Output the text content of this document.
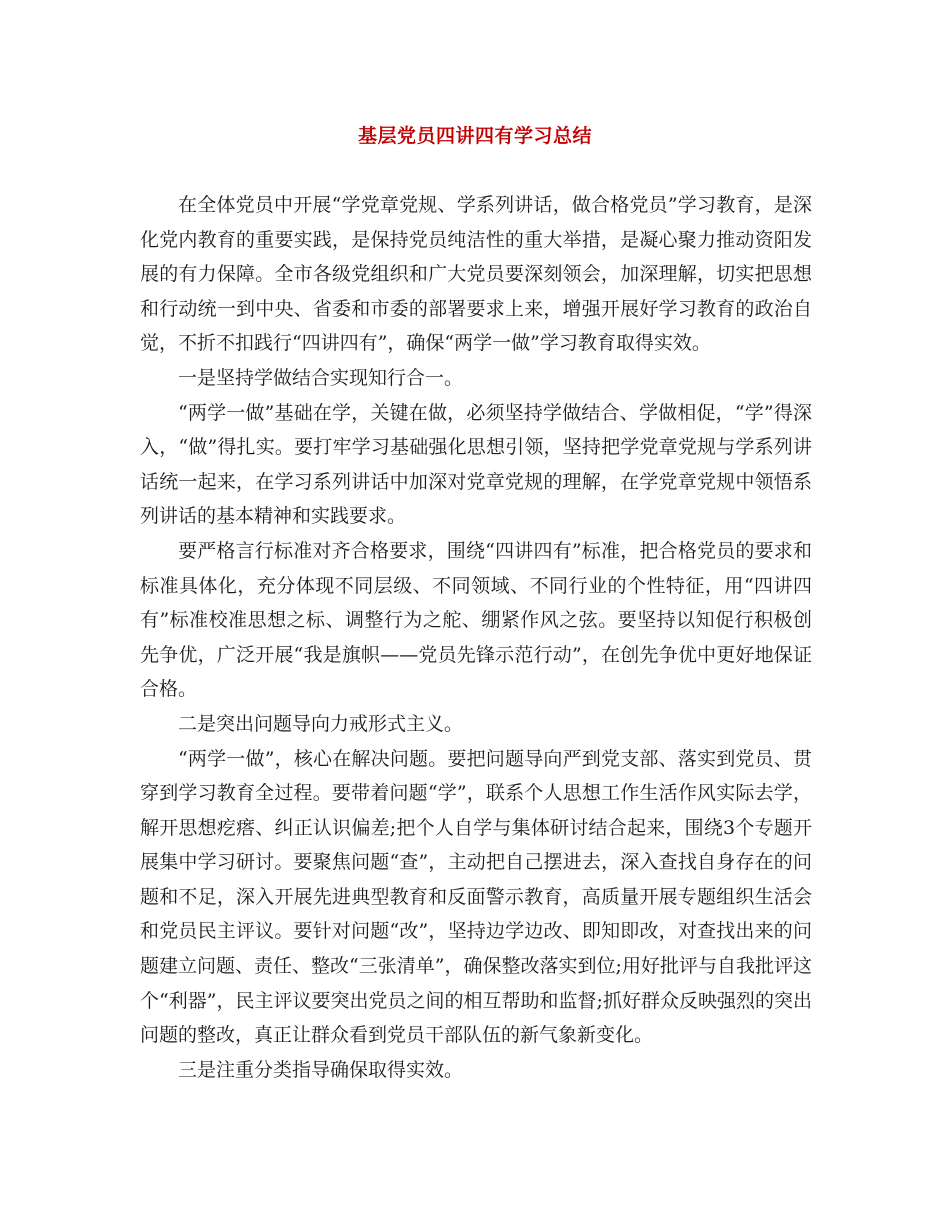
基层党员四讲四有学习总结

在全体党员中开展“学党章党规、学系列讲话，做合格党员”学习教育，是深化党内教育的重要实践，是保持党员纯洁性的重大举措，是凝心聚力推动资阳发展的有力保障。全市各级党组织和广大党员要深刻领会，加深理解，切实把思想和行动统一到中央、省委和市委的部署要求上来，增强开展好学习教育的政治自觉，不折不扣践行“四讲四有”，确保“两学一做”学习教育取得实效。

一是坚持学做结合实现知行合一。

“两学一做”基础在学，关键在做，必须坚持学做结合、学做相促，“学”得深入，“做”得扎实。要打牢学习基础强化思想引领，坚持把学党章党规与学系列讲话统一起来，在学习系列讲话中加深对党章党规的理解，在学党章党规中领悟系列讲话的基本精神和实践要求。

要严格言行标准对齐合格要求，围绕“四讲四有”标准，把合格党员的要求和标准具体化，充分体现不同层级、不同领域、不同行业的个性特征，用“四讲四有”标准校准思想之标、调整行为之舵、绷紧作风之弦。要坚持以知促行积极创先争优，广泛开展“我是旗帜——党员先锋示范行动”，在创先争优中更好地保证合格。

二是突出问题导向力戒形式主义。

“两学一做”，核心在解决问题。要把问题导向严到党支部、落实到党员、贯穿到学习教育全过程。要带着问题“学”，联系个人思想工作生活作风实际去学，解开思想疙瘩、纠正认识偏差;把个人自学与集体研讨结合起来，围绕3个专题开展集中学习研讨。要聚焦问题“查”，主动把自己摆进去，深入查找自身存在的问题和不足，深入开展先进典型教育和反面警示教育，高质量开展专题组织生活会和党员民主评议。要针对问题“改”，坚持边学边改、即知即改，对查找出来的问题建立问题、责任、整改“三张清单”，确保整改落实到位;用好批评与自我批评这个“利器”，民主评议要突出党员之间的相互帮助和监督;抓好群众反映强烈的突出问题的整改，真正让群众看到党员干部队伍的新气象新变化。

三是注重分类指导确保取得实效。
